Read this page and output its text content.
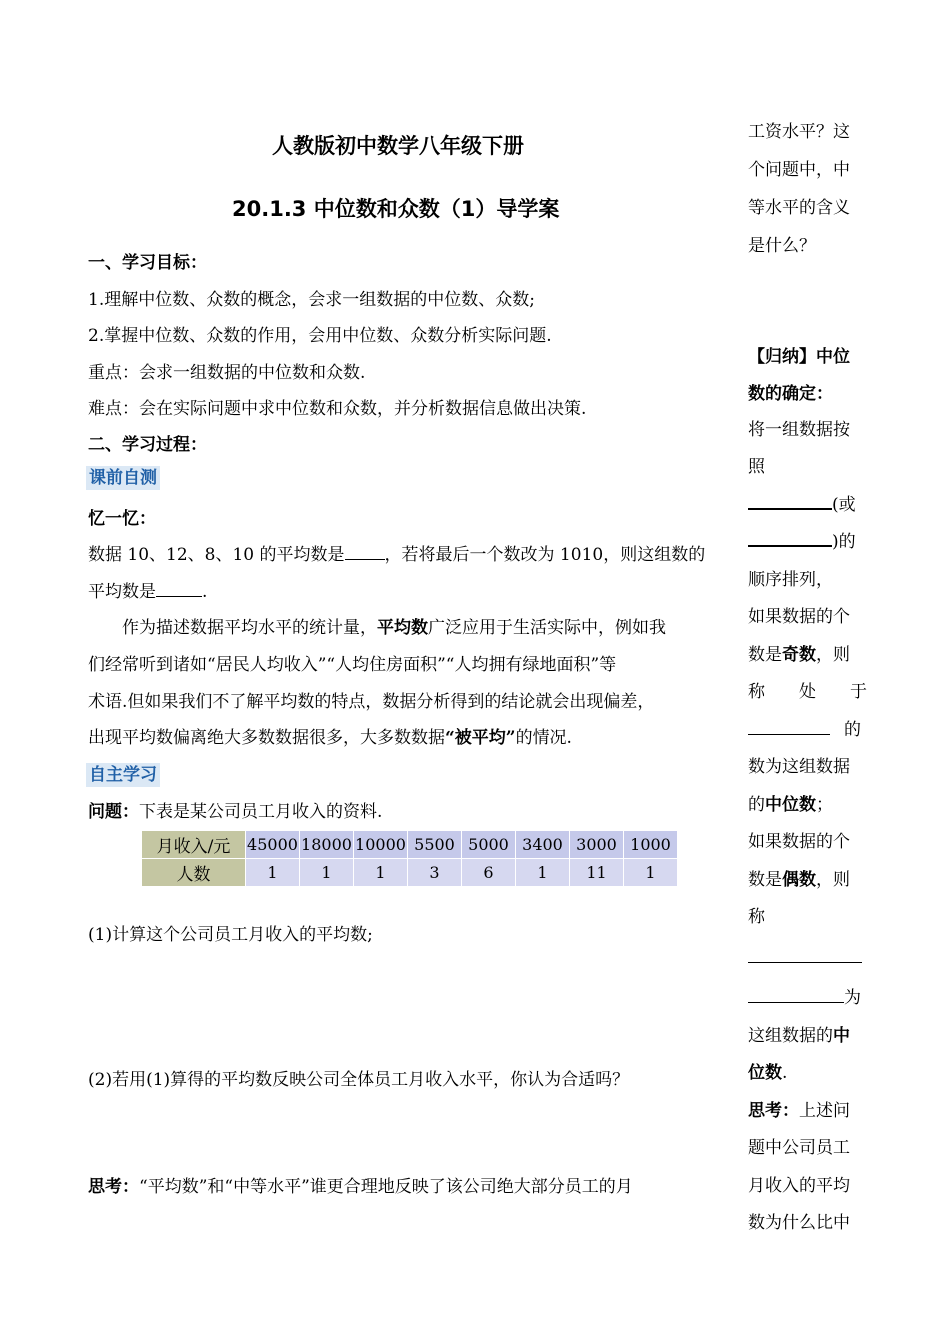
人教版初中数学八年级下册
20.1.3 中位数和众数（1）导学案
一、学习目标：
1.理解中位数、众数的概念，会求一组数据的中位数、众数;
2.掌握中位数、众数的作用，会用中位数、众数分析实际问题.
重点：会求一组数据的中位数和众数.
难点：会在实际问题中求中位数和众数，并分析数据信息做出决策.
二、学习过程：
课前自测
忆一忆：
数据 10、12、8、10 的平均数是 ，若将最后一个数改为 1010，则这组数的
平均数是	.
作为描述数据平均水平的统计量，平均数广泛应用于生活实际中，例如我
们经常听到诸如“居民人均收入”“人均住房面积”“人均拥有绿地面积”等
术语.但如果我们不了解平均数的特点，数据分析得到的结论就会出现偏差，
出现平均数偏离绝大多数数据很多，大多数数据“被平均”的情况.
自主学习
问题：下表是某公司员工月收入的资料.
月收入/元	45000	18000	10000	5500	5000	3400	3000	1000
人数	1	1	1	3	6	1	11	1
(1)计算这个公司员工月收入的平均数;
(2)若用(1)算得的平均数反映公司全体员工月收入水平，你认为合适吗？
思考：“平均数”和“中等水平”谁更合理地反映了该公司绝大部分员工的月
工资水平？这
个问题中，中
等水平的含义
是什么？
【归纳】中位
数的确定：
将一组数据按
照
(或
)的
顺序排列，
如果数据的个
数是奇数，则
称　　处　　于
的
数为这组数据
的中位数；
如果数据的个
数是偶数，则
称
为
这组数据的中
位数.
思考：上述问
题中公司员工
月收入的平均
数为什么比中
